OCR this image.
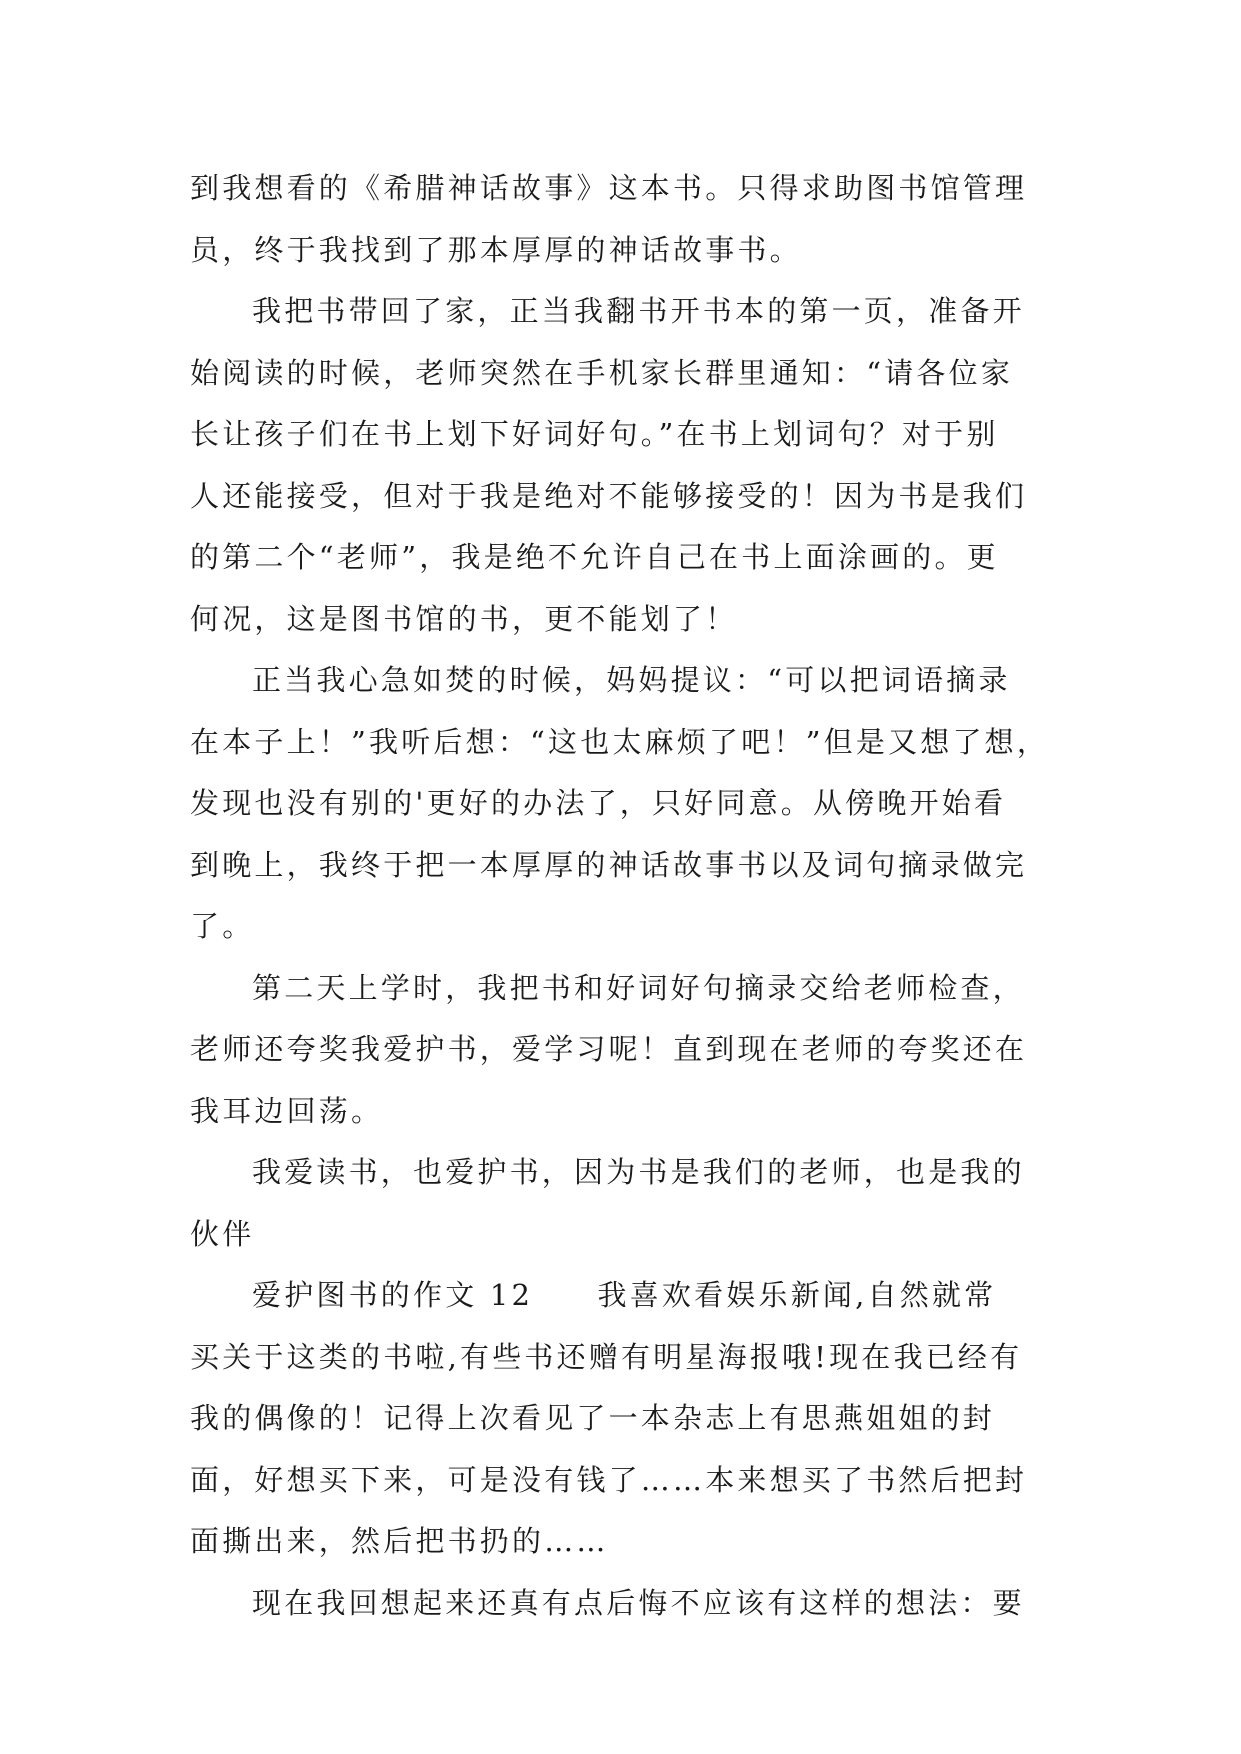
到我想看的《希腊神话故事》这本书。只得求助图书馆管理
员，终于我找到了那本厚厚的神话故事书。
我把书带回了家，正当我翻书开书本的第一页，准备开
始阅读的时候，老师突然在手机家长群里通知：“请各位家
长让孩子们在书上划下好词好句。”在书上划词句？对于别
人还能接受，但对于我是绝对不能够接受的！因为书是我们
的第二个“老师”，我是绝不允许自己在书上面涂画的。更
何况，这是图书馆的书，更不能划了！
正当我心急如焚的时候，妈妈提议：“可以把词语摘录
在本子上！”我听后想：“这也太麻烦了吧！”但是又想了想，
发现也没有别的'更好的办法了，只好同意。从傍晚开始看
到晚上，我终于把一本厚厚的神话故事书以及词句摘录做完
了。
第二天上学时，我把书和好词好句摘录交给老师检查，
老师还夸奖我爱护书，爱学习呢！直到现在老师的夸奖还在
我耳边回荡。
我爱读书，也爱护书，因为书是我们的老师，也是我的
伙伴
爱护图书的作文 12　　我喜欢看娱乐新闻,自然就常
买关于这类的书啦,有些书还赠有明星海报哦!现在我已经有
我的偶像的！记得上次看见了一本杂志上有思燕姐姐的封
面，好想买下来，可是没有钱了……本来想买了书然后把封
面撕出来，然后把书扔的……
现在我回想起来还真有点后悔不应该有这样的想法：要
